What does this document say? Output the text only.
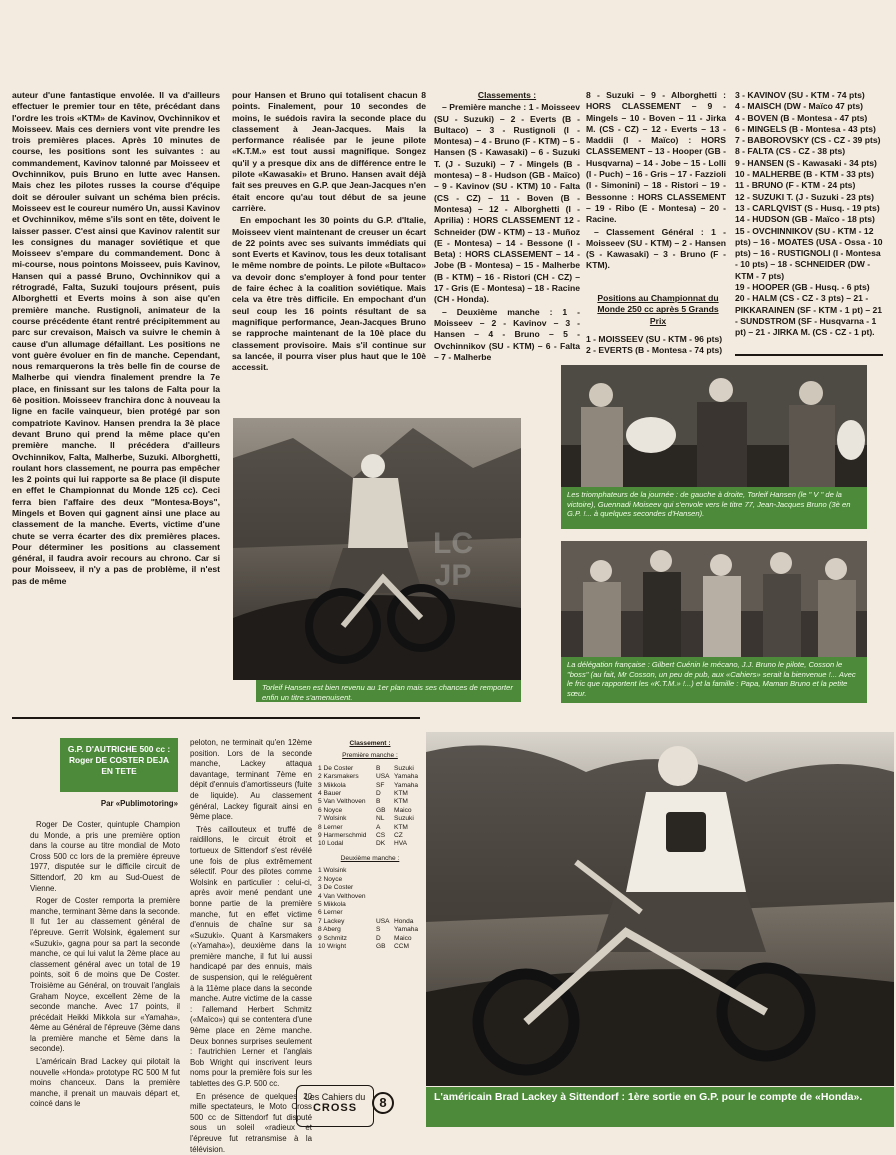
auteur d'une fantastique envolée. Il va d'ailleurs effectuer le premier tour en tête, précédant dans l'ordre les trois «KTM» de Kavinov, Ovchinnikov et Moisseev. Mais ces derniers vont vite prendre les trois premières places. Après 10 minutes de course, les positions sont les suivantes : au commandement, Kavinov talonné par Moisseev et Ovchinnikov, puis Bruno en lutte avec Hansen. Mais chez les pilotes russes la course d'équipe doit se dérouler suivant un schéma bien précis. Moisseev est le coureur numéro Un, aussi Kavinov et Ovchinnikov, même s'ils sont en tête, doivent le laisser passer. C'est ainsi que Kavinov ralentit sur les consignes du manager soviétique et que Moisseev s'empare du commandement. Donc à mi-course, nous pointons Moisseev, puis Kavinov, Hansen qui a passé Bruno, Ovchinnikov qui a rétrogradé, Falta, Suzuki toujours présent, puis Alborghetti et Everts moins à son aise qu'en première manche. Rustignoli, animateur de la course précédente étant rentré précipitemment au parc sur crevaison, Maisch va suivre le chemin à cause d'un allumage défaillant. Les positions ne vont guère évoluer en fin de manche. Cependant, nous remarquerons la très belle fin de course de Malherbe qui viendra finalement prendre la 7e place, en finissant sur les talons de Falta pour la 6è position. Moisseev franchira donc à nouveau la ligne en facile vainqueur, bien protégé par son compatriote Kavinov. Hansen prendra la 3è place devant Bruno qui prend la même place qu'en première manche. Il précédera d'ailleurs Ovchinnikov, Falta, Malherbe, Suzuki. Alborghetti, roulant hors classement, ne pourra pas empêcher les 2 points qui lui rapporte sa 8e place (il dispute en effet le Championnat du Monde 125 cc). Ceci ferra bien l'affaire des deux "Montesa-Boys", Mingels et Boven qui gagnent ainsi une place au classement de la manche. Everts, victime d'une chute se verra écarter des dix premières places. Pour déterminer les positions au classement général, il faudra avoir recours au chrono. Car si pour Moisseev, il n'y a pas de problème, il n'est pas de même

pour Hansen et Bruno qui totalisent chacun 8 points. Finalement, pour 10 secondes de moins, le suédois ravira la seconde place du classement à Jean-Jacques. Mais la performance réalisée par le jeune pilote «K.T.M.» est tout aussi magnifique. Songez qu'il y a presque dix ans de différence entre le pilote «Kawasaki» et Bruno. Hansen avait déjà fait ses preuves en G.P. que Jean-Jacques n'en était encore qu'au tout début de sa jeune carrière.

En empochant les 30 points du G.P. d'Italie, Moisseev vient maintenant de creuser un écart de 22 points avec ses suivants immédiats qui sont Everts et Kavinov, tous les deux totalisant le même nombre de points. Le pilote «Bultaco» va devoir donc s'employer à fond pour tenter de faire échec à la coalition soviétique. Mais cela va être très difficile. En empochant d'un seul coup les 16 points résultant de sa magnifique performance, Jean-Jacques Bruno se rapproche maintenant de la 10è place du classement provisoire. Mais s'il continue sur sa lancée, il pourra viser plus haut que le 10è accessit.

Classements :

– Première manche : 1 - Moisseev (SU - Suzuki) – 2 - Everts (B - Bultaco) – 3 - Rustignoli (I - Montesa) – 4 - Bruno (F - KTM) – 5 - Hansen (S - Kawasaki) – 6 - Suzuki T. (J - Suzuki) – 7 - Mingels (B - montesa) – 8 - Hudson (GB - Maïco) – 9 - Kavinov (SU - KTM) 10 - Falta (CS - CZ) – 11 - Boven (B - Montesa) – 12 - Alborghetti (I - Aprilia) : HORS CLASSEMENT 12 - Schneider (DW - KTM) – 13 - Muñoz (E - Montesa) – 14 - Bessone (I - Beta) : HORS CLASSEMENT – 14 - Jobe (B - Montesa) – 15 - Malherbe (B - KTM) – 16 - Ristori (CH - CZ) – 17 - Gris (E - Montesa) – 18 - Racine (CH - Honda).

– Deuxième manche : 1 - Moisseev – 2 - Kavinov – 3 - Hansen – 4 - Bruno – 5 - Ovchinnikov (SU - KTM) – 6 - Falta – 7 - Malherbe

8 - Suzuki – 9 - Alborghetti : HORS CLASSEMENT – 9 - Mingels – 10 - Boven – 11 - Jirka M. (CS - CZ) – 12 - Everts – 13 - Maddii (I - Maïco) : HORS CLASSEMENT – 13 - Hooper (GB - Husqvarna) – 14 - Jobe – 15 - Lolli (I - Puch) – 16 - Gris – 17 - Fazzioli (I - Simonini) – 18 - Ristori – 19 - Bessonne : HORS CLASSEMENT – 19 - Ribo (E - Montesa) – 20 - Racine.

– Classement Général : 1 - Moisseev (SU - KTM) – 2 - Hansen (S - Kawasaki) – 3 - Bruno (F - KTM).

Positions au Championnat du Monde 250 cc après 5 Grands Prix
1 - MOISSEEV (SU - KTM - 96 pts)
2 - EVERTS (B - Montesa - 74 pts)
3 - KAVINOV (SU - KTM - 74 pts)
4 - MAISCH (DW - Maïco 47 pts)
4 - BOVEN (B - Montesa - 47 pts)
6 - MINGELS (B - Montesa - 43 pts)
7 - BABOROVSKY (CS - CZ - 39 pts)
8 - FALTA (CS - CZ - 38 pts)
9 - HANSEN (S - Kawasaki - 34 pts)
10 - MALHERBE (B - KTM - 33 pts)
11 - BRUNO (F - KTM - 24 pts)
12 - SUZUKI T. (J - Suzuki - 23 pts)
13 - CARLQVIST (S - Husq. - 19 pts)
14 - HUDSON (GB - Maïco - 18 pts)
15 - OVCHINNIKOV (SU - KTM - 12 pts) – 16 - MOATES (USA - Ossa - 10 pts) – 16 - RUSTIGNOLI (I - Montesa - 10 pts) – 18 - SCHNEIDER (DW - KTM - 7 pts)
19 - HOOPER (GB - Husq. - 6 pts)
20 - HALM (CS - CZ - 3 pts) – 21 - PIKKARAINEN (SF - KTM - 1 pt) – 21 - SUNDSTROM (SF - Husqvarna - 1 pt) – 21 - JIRKA M. (CS - CZ - 1 pt).
LC JP
Torleif Hansen est bien revenu au 1er plan mais ses chances de remporter enfin un titre s'amenuisent.
Les triomphateurs de la journée : de gauche à droite, Torleif Hansen (le " V " de la victoire), Guennadi Moiseev qui s'envole vers le titre 77, Jean-Jacques Bruno (3è en G.P. !... à quelques secondes d'Hansen).
La délégation française : Gilbert Cuénin le mécano, J.J. Bruno le pilote, Cosson le "boss" (au fait, Mr Cosson, un peu de pub, aux «Cahiers» serait la bienvenue !... Avec le fric que rapportent les «K.T.M.» !...) et la famille : Papa, Maman Bruno et la petite sœur.
G.P. D'AUTRICHE 500 cc : Roger DE COSTER DEJA EN TETE
Par «Publimotoring»

Roger De Coster, quintuple Champion du Monde, a pris une première option dans la course au titre mondial de Moto Cross 500 cc lors de la première épreuve 1977, disputée sur le difficile circuit de Sittendorf, 20 km au Sud-Ouest de Vienne.

Roger de Coster remporta la première manche, terminant 3ème dans la seconde. Il fut 1er au classement général de l'épreuve. Gerrit Wolsink, également sur «Suzuki», gagna pour sa part la seconde manche, ce qui lui valut la 2ème place au classement général avec un total de 19 points, soit 6 de moins que De Coster. Troisième au Général, on trouvait l'anglais Graham Noyce, excellent 2ème de la seconde manche. Avec 17 points, il précédait Heikki Mikkola sur «Yamaha», 4ème au Général de l'épreuve (3ème dans la première manche et 5ème dans la seconde).

L'américain Brad Lackey qui pilotait la nouvelle «Honda» prototype RC 500 M fut moins chanceux. Dans la première manche, il prenait un mauvais départ et, coincé dans le

peloton, ne terminait qu'en 12ème position. Lors de la seconde manche, Lackey attaqua davantage, terminant 7ème en dépit d'ennuis d'amortisseurs (fuite de liquide). Au classement général, Lackey figurait ainsi en 9ème place.

Très caillouteux et truffé de raidillons, le circuit étroit et tortueux de Sittendorf s'est révélé une fois de plus extrêmement sélectif. Pour des pilotes comme Wolsink en particulier : celui-ci, après avoir mené pendant une bonne partie de la première manche, fut en effet victime d'ennuis de chaîne sur sa «Suzuki». Quant à Karsmakers («Yamaha»), deuxième dans la première manche, il fut lui aussi handicapé par des ennuis, mais de suspension, qui le reléguèrent à la 11ème place dans la seconde manche. Autre victime de la casse : l'allemand Herbert Schmitz («Maïco») qui se contentera d'une 9ème place en 2ème manche. Deux bonnes surprises seulement : l'autrichien Lerner et l'anglais Bob Wright qui inscrivent leurs noms pour la première fois sur les tablettes des G.P. 500 cc.

En présence de quelques 20 mille spectateurs, le Moto Cross 500 cc de Sittendorf fut disputé sous un soleil «radieux et l'épreuve fut retransmise à la télévision.

Classement :
Première manche :
1 De Coster	B	Suzuki
2 Karsmakers	USA Yamaha
3 Mikkola	SF	Yamaha
4 Bauer	D	KTM
5 Van Velthoven	B	KTM
6 Noyce	GB	Maico
7 Wolsink	NL	Suzuki
8 Lerner	A	KTM
9 Harmerschmid	CS	CZ
10 Lodal	DK	HVA
Deuxième manche :
1 Wolsink
2 Noyce
3 De Coster
4 Van Velthoven
5 Mikkola
6 Lerner
7 Lackey	USA Honda
8 Aberg	S	Yamaha
9 Schmitz	D	Maico
10 Wright	GB	CCM
L'américain Brad Lackey à Sittendorf : 1ère sortie en G.P. pour le compte de «Honda».
Les Cahiers du
CROSS	8
